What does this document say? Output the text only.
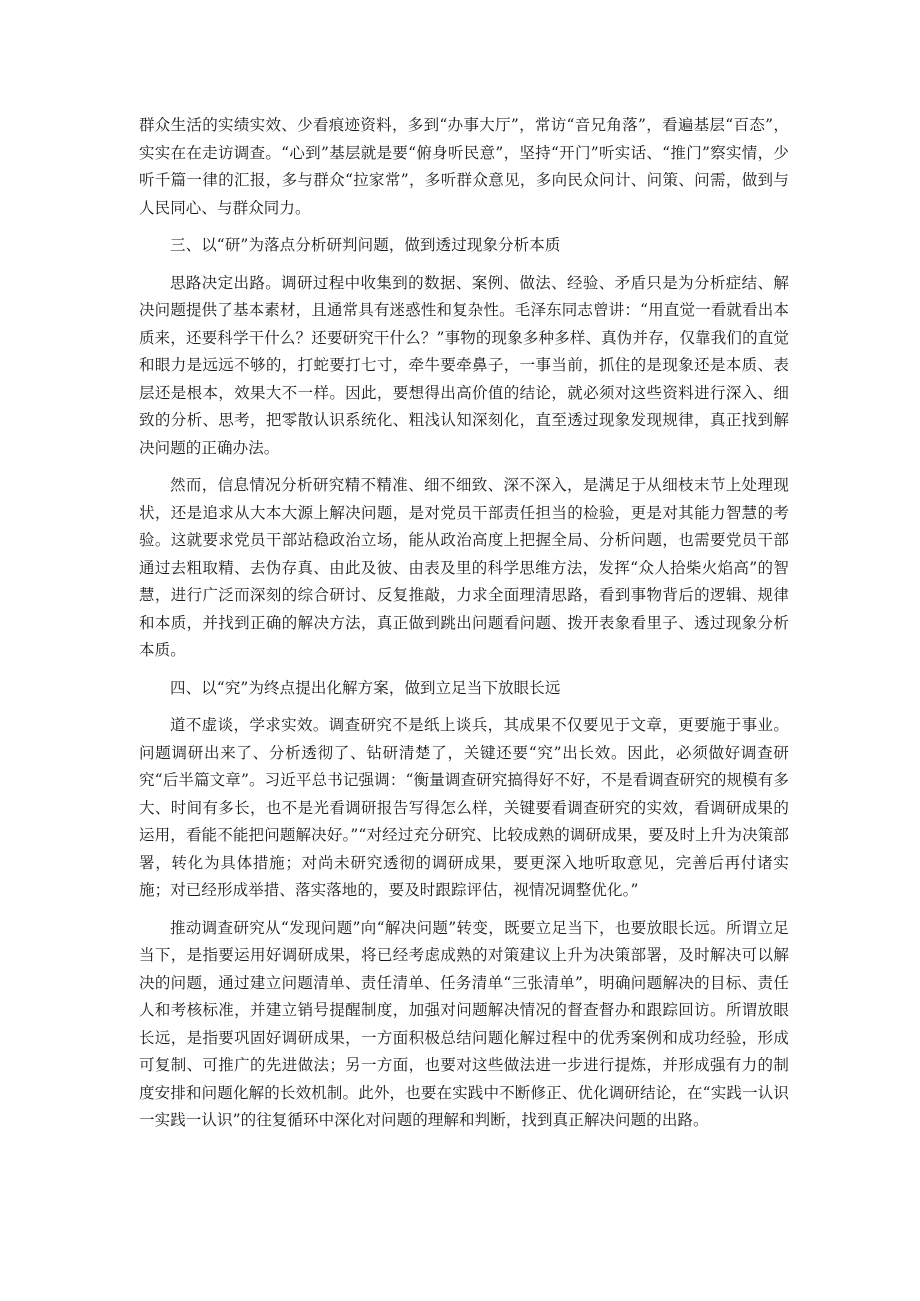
群众生活的实绩实效、少看痕迹资料，多到“办事大厅”，常访“音兄角落”，看遍基层“百态”，实实在在走访调查。“心到”基层就是要“俯身听民意”，坚持“开门”听实话、“推门”察实情，少听千篇一律的汇报，多与群众“拉家常”，多听群众意见，多向民众问计、问策、问需，做到与人民同心、与群众同力。

三、以“研”为落点分析研判问题，做到透过现象分析本质

思路决定出路。调研过程中收集到的数据、案例、做法、经验、矛盾只是为分析症结、解决问题提供了基本素材，且通常具有迷惑性和复杂性。毛泽东同志曾讲：“用直觉一看就看出本质来，还要科学干什么？还要研究干什么？”事物的现象多种多样、真伪并存，仅靠我们的直觉和眼力是远远不够的，打蛇要打七寸，牵牛要牵鼻子，一事当前，抓住的是现象还是本质、表层还是根本，效果大不一样。因此，要想得出高价值的结论，就必须对这些资料进行深入、细致的分析、思考，把零散认识系统化、粗浅认知深刻化，直至透过现象发现规律，真正找到解决问题的正确办法。

然而，信息情况分析研究精不精准、细不细致、深不深入，是满足于从细枝末节上处理现状，还是追求从大本大源上解决问题，是对党员干部责任担当的检验，更是对其能力智慧的考验。这就要求党员干部站稳政治立场，能从政治高度上把握全局、分析问题，也需要党员干部通过去粗取精、去伪存真、由此及彼、由表及里的科学思维方法，发挥“众人拾柴火焰高”的智慧，进行广泛而深刻的综合研讨、反复推敲，力求全面理清思路，看到事物背后的逻辑、规律和本质，并找到正确的解决方法，真正做到跳出问题看问题、拨开表象看里子、透过现象分析本质。

四、以“究”为终点提出化解方案，做到立足当下放眼长远

道不虚谈，学求实效。调查研究不是纸上谈兵，其成果不仅要见于文章，更要施于事业。问题调研出来了、分析透彻了、钻研清楚了，关键还要“究”出长效。因此，必须做好调查研究“后半篇文章”。习近平总书记强调：“衡量调查研究搞得好不好，不是看调查研究的规模有多大、时间有多长，也不是光看调研报告写得怎么样，关键要看调查研究的实效，看调研成果的运用，看能不能把问题解决好。”“对经过充分研究、比较成熟的调研成果，要及时上升为决策部署，转化为具体措施；对尚未研究透彻的调研成果，要更深入地听取意见，完善后再付诸实施；对已经形成举措、落实落地的，要及时跟踪评估，视情况调整优化。”

推动调查研究从“发现问题”向“解决问题”转变，既要立足当下，也要放眼长远。所谓立足当下，是指要运用好调研成果，将已经考虑成熟的对策建议上升为决策部署，及时解决可以解决的问题，通过建立问题清单、责任清单、任务清单“三张清单”，明确问题解决的目标、责任人和考核标准，并建立销号提醒制度，加强对问题解决情况的督查督办和跟踪回访。所谓放眼长远，是指要巩固好调研成果，一方面积极总结问题化解过程中的优秀案例和成功经验，形成可复制、可推广的先进做法；另一方面，也要对这些做法进一步进行提炼，并形成强有力的制度安排和问题化解的长效机制。此外，也要在实践中不断修正、优化调研结论，在“实践一认识一实践一认识”的往复循环中深化对问题的理解和判断，找到真正解决问题的出路。
